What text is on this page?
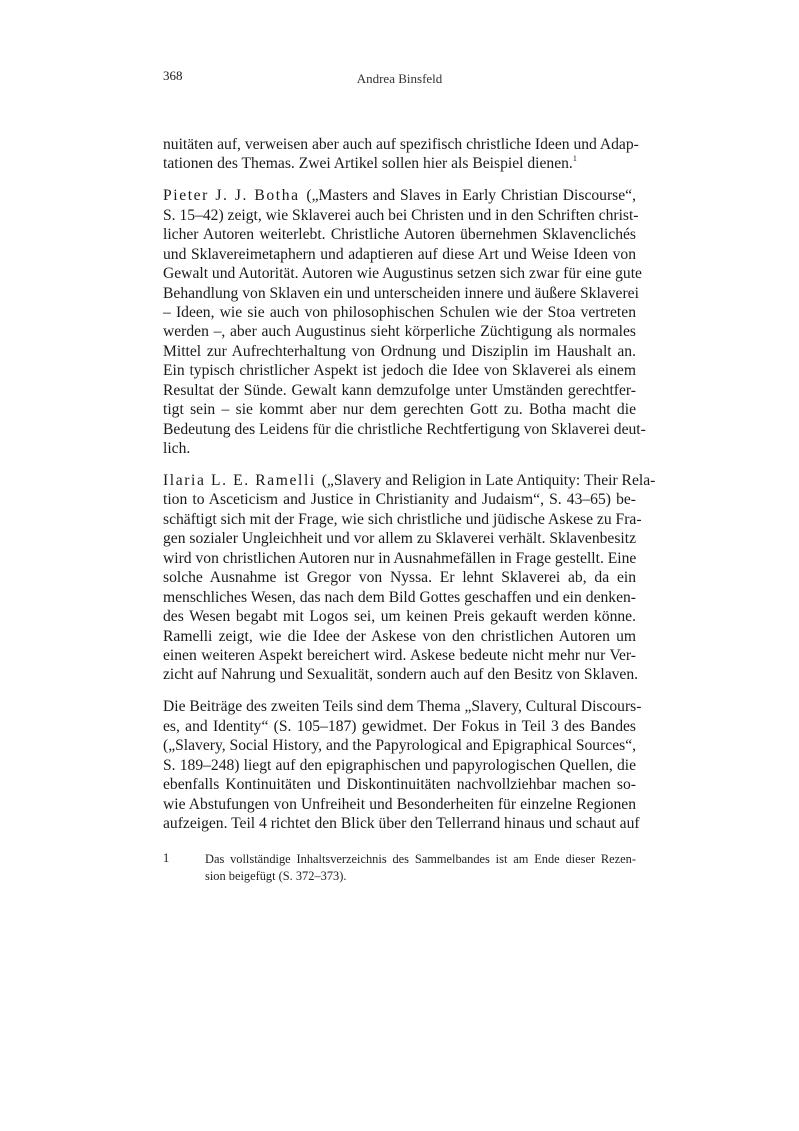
368	Andrea Binsfeld
nuitäten auf, verweisen aber auch auf spezifisch christliche Ideen und Adap-
tationen des Themas. Zwei Artikel sollen hier als Beispiel dienen.$^1$
Pieter J. J. Botha („Masters and Slaves in Early Christian Discourse“,
S. 15–42) zeigt, wie Sklaverei auch bei Christen und in den Schriften christ-
licher Autoren weiterlebt. Christliche Autoren übernehmen Sklavenclichés
und Sklavereimetaphern und adaptieren auf diese Art und Weise Ideen von
Gewalt und Autorität. Autoren wie Augustinus setzen sich zwar für eine gute
Behandlung von Sklaven ein und unterscheiden innere und äußere Sklaverei
– Ideen, wie sie auch von philosophischen Schulen wie der Stoa vertreten
werden –, aber auch Augustinus sieht körperliche Züchtigung als normales
Mittel zur Aufrechterhaltung von Ordnung und Disziplin im Haushalt an.
Ein typisch christlicher Aspekt ist jedoch die Idee von Sklaverei als einem
Resultat der Sünde. Gewalt kann demzufolge unter Umständen gerechtfer-
tigt sein – sie kommt aber nur dem gerechten Gott zu. Botha macht die
Bedeutung des Leidens für die christliche Rechtfertigung von Sklaverei deut-
lich.
Ilaria L. E. Ramelli („Slavery and Religion in Late Antiquity: Their Rela-
tion to Asceticism and Justice in Christianity and Judaism“, S. 43–65) be-
schäftigt sich mit der Frage, wie sich christliche und jüdische Askese zu Fra-
gen sozialer Ungleichheit und vor allem zu Sklaverei verhält. Sklavenbesitz
wird von christlichen Autoren nur in Ausnahmefällen in Frage gestellt. Eine
solche Ausnahme ist Gregor von Nyssa. Er lehnt Sklaverei ab, da ein
menschliches Wesen, das nach dem Bild Gottes geschaffen und ein denken-
des Wesen begabt mit Logos sei, um keinen Preis gekauft werden könne.
Ramelli zeigt, wie die Idee der Askese von den christlichen Autoren um
einen weiteren Aspekt bereichert wird. Askese bedeute nicht mehr nur Ver-
zicht auf Nahrung und Sexualität, sondern auch auf den Besitz von Sklaven.
Die Beiträge des zweiten Teils sind dem Thema „Slavery, Cultural Discours-
es, and Identity“ (S. 105–187) gewidmet. Der Fokus in Teil 3 des Bandes
(„Slavery, Social History, and the Papyrological and Epigraphical Sources“,
S. 189–248) liegt auf den epigraphischen und papyrologischen Quellen, die
ebenfalls Kontinuitäten und Diskontinuitäten nachvollziehbar machen so-
wie Abstufungen von Unfreiheit und Besonderheiten für einzelne Regionen
aufzeigen. Teil 4 richtet den Blick über den Tellerrand hinaus und schaut auf
1	Das vollständige Inhaltsverzeichnis des Sammelbandes ist am Ende dieser Rezen-
sion beigefügt (S. 372–373).
